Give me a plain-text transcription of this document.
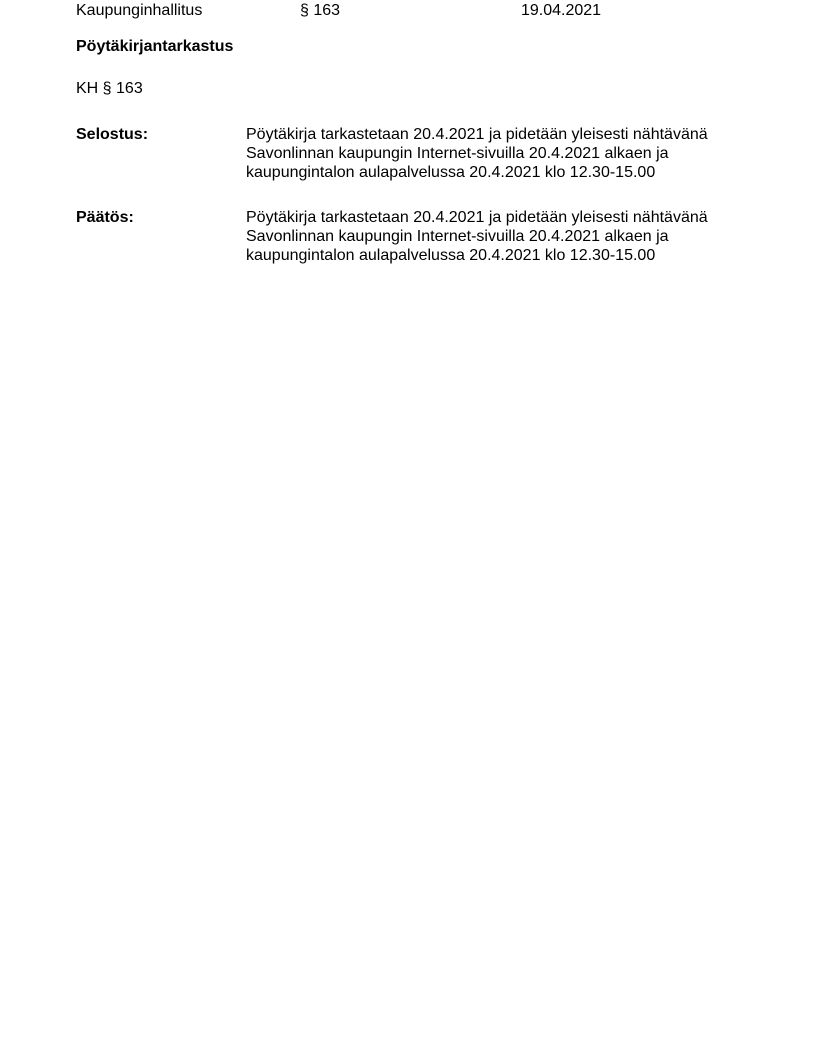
Kaupunginhallitus	§ 163	19.04.2021
Pöytäkirjantarkastus
KH § 163
Selostus:	Pöytäkirja tarkastetaan 20.4.2021 ja pidetään yleisesti nähtävänä
Savonlinnan kaupungin Internet-sivuilla 20.4.2021 alkaen ja
kaupungintalon aulapalvelussa 20.4.2021 klo 12.30-15.00
Päätös:	Pöytäkirja tarkastetaan 20.4.2021 ja pidetään yleisesti nähtävänä
Savonlinnan kaupungin Internet-sivuilla 20.4.2021 alkaen ja
kaupungintalon aulapalvelussa 20.4.2021 klo 12.30-15.00
